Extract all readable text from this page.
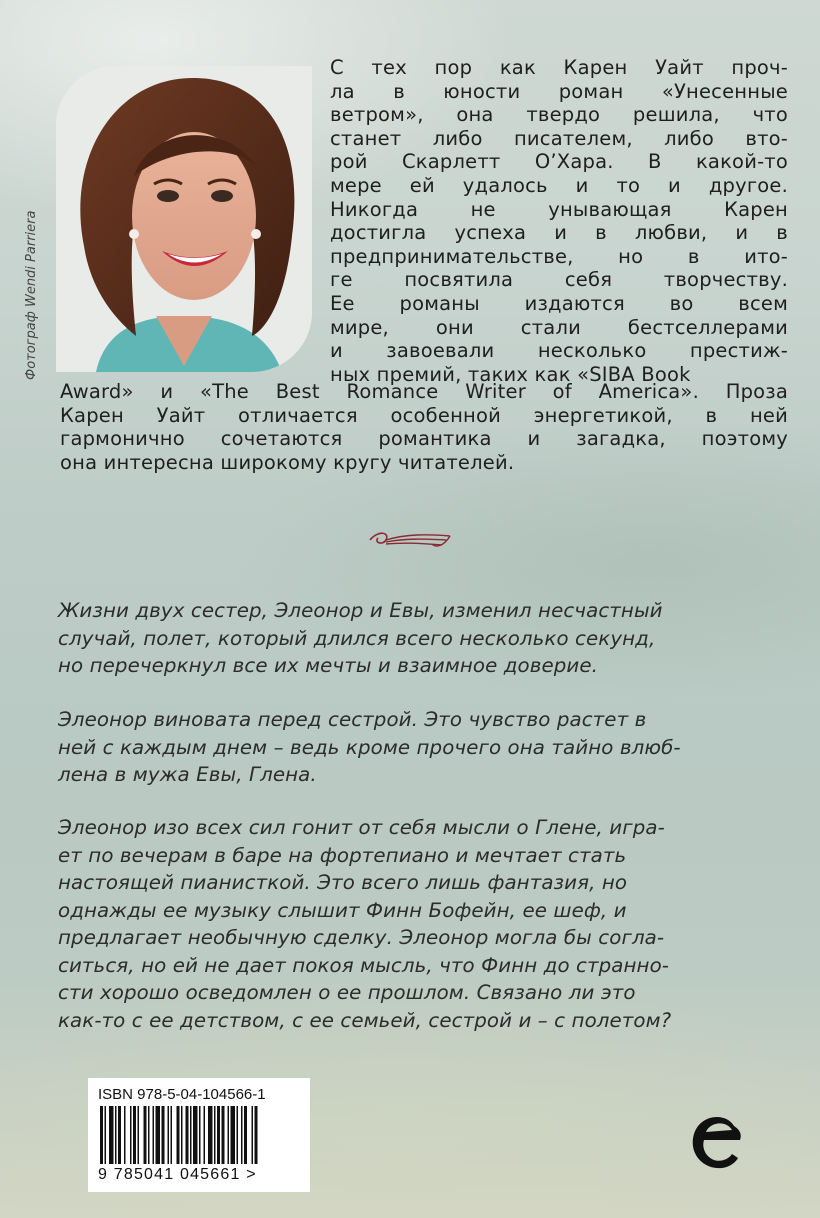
Фотограф Wendi Parriera
С тех пор как Карен Уайт проч-
ла в юности роман «Унесенные
ветром», она твердо решила, что
станет либо писателем, либо вто-
рой Скарлетт О’Хара. В какой-то
мере ей удалось и то и другое.
Никогда не унывающая Карен
достигла успеха и в любви, и в
предпринимательстве, но в ито-
ге посвятила себя творчеству.
Ее романы издаются во всем
мире, они стали бестселлерами
и завоевали несколько престиж-
ных премий, таких как «SIBA Book
Award» и «The Best Romance Writer of America». Проза
Карен Уайт отличается особенной энергетикой, в ней
гармонично сочетаются романтика и загадка, поэтому
она интересна широкому кругу читателей.
Жизни двух сестер, Элеонор и Евы, изменил несчастный
случай, полет, который длился всего несколько секунд,
но перечеркнул все их мечты и взаимное доверие.
Элеонор виновата перед сестрой. Это чувство растет в
ней с каждым днем – ведь кроме прочего она тайно влюб-
лена в мужа Евы, Глена.
Элеонор изо всех сил гонит от себя мысли о Глене, игра-
ет по вечерам в баре на фортепиано и мечтает стать
настоящей пианисткой. Это всего лишь фантазия, но
однажды ее музыку слышит Финн Бофейн, ее шеф, и
предлагает необычную сделку. Элеонор могла бы согла-
ситься, но ей не дает покоя мысль, что Финн до странно-
сти хорошо осведомлен о ее прошлом. Связано ли это
как-то с ее детством, с ее семьей, сестрой и – с полетом?
ISBN 978-5-04-104566-1
9 785041 045661 >
